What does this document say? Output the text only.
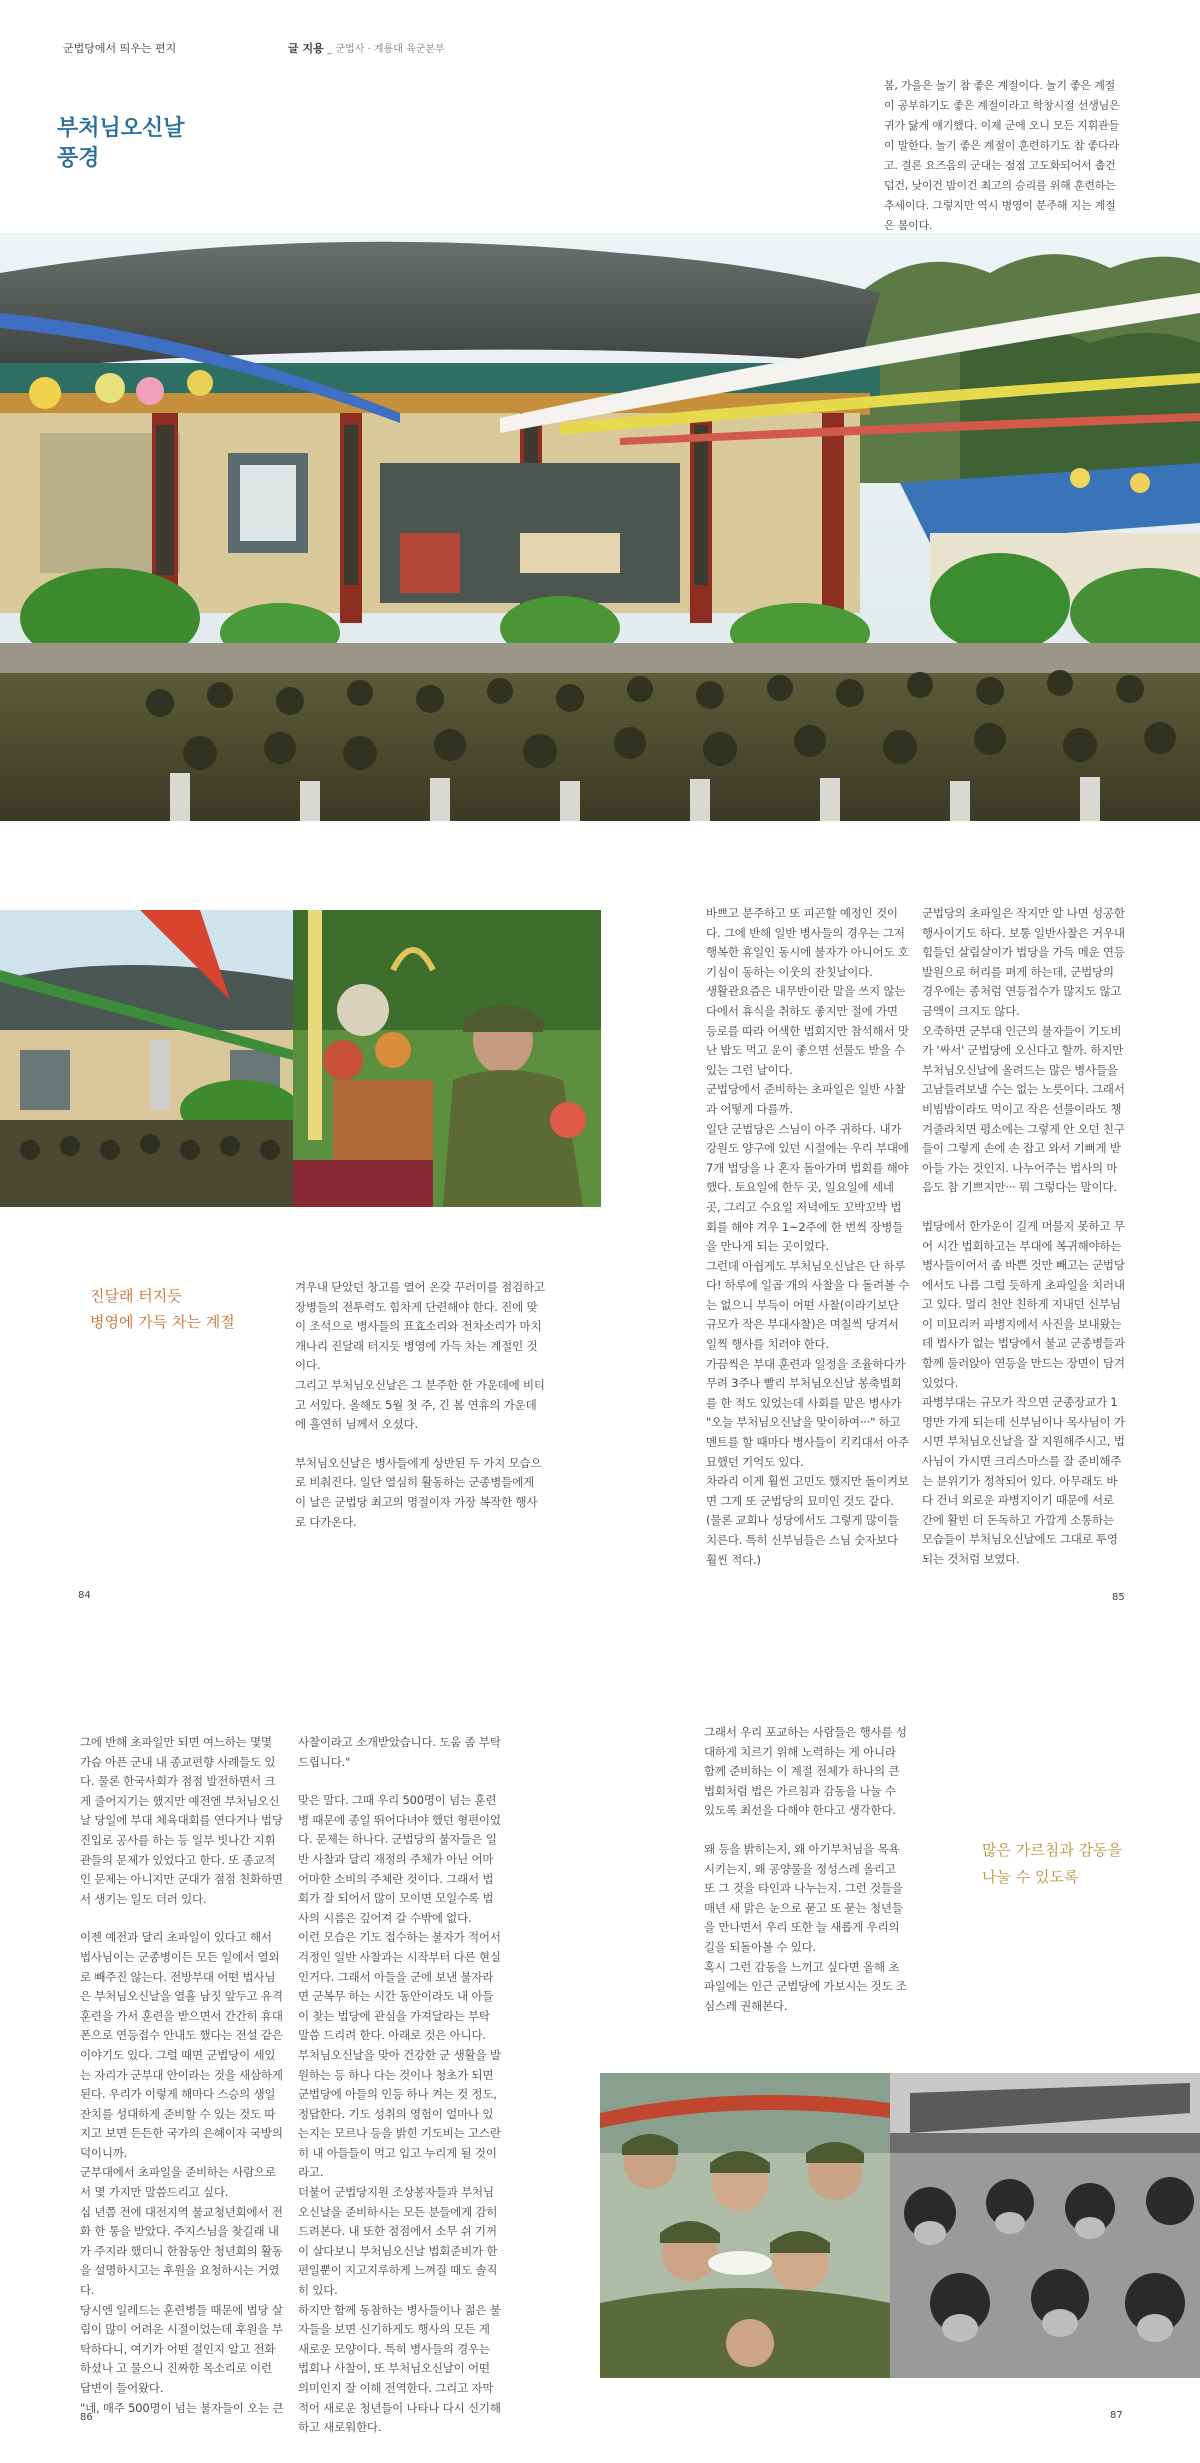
군법당에서 띄우는 편지	글 지용 _ 군법사 · 계룡대 육군본부
부처님오신날
풍경
봄, 가을은 놀기 참 좋은 계절이다. 놀기 좋은 계절이 공부하기도 좋은 계절이라고 학창시절 선생님은 귀가 닳게 얘기했다. 이제 군에 오니 모든 지휘관들이 말한다. 놀기 좋은 계절이 훈련하기도 참 좋다라고. 결론 요즈음의 군대는 점점 고도화되어서 춥건 덥건, 낮이건 밤이건 최고의 승리를 위해 훈련하는 추세이다. 그렇지만 역시 병영이 분주해 지는 계절은 봄이다.
진달래 터지듯
병영에 가득 차는 계절

겨우내 닫았던 창고를 열어 온갖 꾸러미를 점검하고 장병들의 전투력도 힘차게 단련해야 한다. 진에 맞이 조석으로 병사들의 표효소리와 전차소리가 마치 개나리 진달래 터지듯 병영에 가득 차는 계절인 것이다.

그리고 부처님오신날은 그 분주한 한 가운데에 비티고 서있다. 올해도 5월 첫 주, 긴 봄 연휴의 가운데에 흘연히 님께서 오셨다.

부처님오신날은 병사들에게 상반된 두 가지 모습으로 비춰진다. 일단 열심히 활동하는 군종병들에게 이 날은 군법당 최고의 명절이자 가장 복작한 행사로 다가온다.

84

바쁘고 분주하고 또 피곤할 예정인 것이다. 그에 반해 일반 병사들의 경우는 그저 행복한 휴일인 동시에 불자가 아니어도 호기심이 동하는 이웃의 잔칫날이다.

생활관요즘은 내무반이란 말을 쓰지 않는다에서 휴식을 취하도 좋지만 절에 가면 등로를 따라 어색한 법회지만 참석해서 맛난 밥도 먹고 운이 좋으면 선물도 받을 수 있는 그런 날이다.

군법당에서 준비하는 초파일은 일반 사찰과 어떻게 다를까.

일단 군법당은 스님이 아주 귀하다. 내가 강원도 양구에 있던 시절에는 우리 부대에 7개 법당을 나 혼자 돌아가며 법회를 해야 했다. 토요일에 한두 곳, 일요일에 세네 곳, 그리고 수요일 저녁에도 꼬박꼬박 법회를 해야 겨우 1~2주에 한 번씩 장병들을 만나게 되는 곳이었다.

그런데 아쉽게도 부처님오신날은 단 하루다! 하루에 일곱 개의 사찰을 다 돌려볼 수는 없으니 부득이 어떤 사찰(이라기보단 규모가 작은 부대사찰)은 며칠씩 당겨서 일찍 행사를 치러야 한다.

가끔씩은 부대 훈련과 일정을 조율하다가 무려 3주나 빨리 부처님오신날 봉축법회를 한 적도 있었는데 사회를 맡은 병사가 "오늘 부처님오신날을 맞이하여···" 하고 멘트를 할 때마다 병사들이 킥킥대서 아주 묘했던 기억도 있다.

차라리 이게 훨씬 고민도 했지만 돌이켜보면 그게 또 군법당의 묘미인 것도 같다. (물론 교회나 성당에서도 그렇게 많이들 치른다. 특히 신부님들은 스님 숫자보다 훨씬 적다.)

군법당의 초파일은 작지만 알 나면 성공한 행사이기도 하다. 보통 일반사찰은 거우내 힘들던 살림살이가 법당을 가득 메운 연등 발원으로 허리를 펴게 하는데, 군법당의 경우에는 종처럼 연등접수가 많지도 않고 금액이 크지도 않다.

오죽하면 군부대 인근의 불자들이 기도비가 '싸서' 군법당에 오신다고 할까. 하지만 부처님오신날에 올려드는 많은 병사들을 고남들려보낼 수는 없는 노릇이다. 그래서 비빔밥이라도 먹이고 작은 선물이라도 챙겨줄라치면 평소에는 그렇게 안 오던 친구들이 그렇게 손에 손 잡고 와서 기뻐게 받아들 가는 것인지. 나누어주는 법사의 마음도 참 기쁘지만··· 뭐 그렇다는 말이다.

법당에서 한가운이 길게 머물지 못하고 무어 시간 법회하고는 부대에 복귀해야하는 병사들이어서 좀 바쁜 것만 빼고는 군법당에서도 나름 그럴 듯하게 초파일을 치러내고 있다. 멀리 천안 친하게 지내던 신부님이 미묘리커 파병지에서 사진을 보내왔는데 법사가 없는 법당에서 불교 군종병들과 함께 둘러앉아 연등을 만드는 장면이 담겨 있었다.

파병부대는 규모가 작으면 군종장교가 1명만 가게 되는데 신부님이나 목사님이 가시면 부처님오신날을 잘 지원해주시고, 법사님이 가시면 크리스마스를 잘 준비해주는 분위기가 정착되어 있다. 아무래도 바다 건너 외로운 파병지이기 때문에 서로 간에 활빈 더 돈독하고 가깝게 소통하는 모습들이 부처님오신날에도 그대로 투영되는 것처럼 보였다.

85

그에 반해 초파일만 되면 여느하는 몇몇 가슴 아픈 군내 내 종교편향 사례들도 있다. 물론 한국사회가 점점 발전하면서 크게 줄어지기는 했지만 예전엔 부처님오신날 당일에 부대 체육대회를 연다거나 법당 진입로 공사를 하는 등 일부 빗나간 지휘관들의 문제가 있었다고 한다. 또 종교적인 문제는 아니지만 군대가 점점 친화하면서 생기는 일도 더러 있다.

이젠 예전과 달리 초파일이 있다고 해서 법사님이는 군종병이든 모든 일에서 열외로 빼주진 않는다. 전방부대 어떤 법사님은 부처님오신날을 열흘 남짓 앞두고 유격훈련을 가서 훈련을 받으면서 간간히 휴대폰으로 연등접수 안내도 했다는 전설 같은 이야기도 있다. 그럴 때면 군법당이 세있는 자리가 군부대 안이라는 것을 새삼하게 된다. 우리가 이렇게 해마다 스승의 생일잔치를 성대하게 준비할 수 있는 것도 따지고 보면 든든한 국가의 은혜이자 국방의 덕이니까.

군부대에서 초파일을 준비하는 사람으로서 몇 가지만 말씀드리고 싶다.

십 년쯤 전에 대전지역 불교청년회에서 전화 한 통을 받았다. 주지스님을 찾길래 내가 주지라 했더니 한참동안 청년회의 활동을 설명하시고는 후원을 요청하시는 거였다.

당시엔 일레드는 훈련병들 때문에 법당 살림이 많이 어려운 시절이었는데 후원을 부탁하다니, 여기가 어떤 절인지 알고 전화하셨나 고 물으니 진짜한 목소리로 이런 답변이 들어왔다.

"네, 매주 500명이 넘는 불자들이 오는 큰

사찰이라고 소개받았습니다. 도움 좀 부탁드립니다."

맞은 말다. 그때 우리 500명이 넘는 훈련병 때문에 종일 뛰어다녀야 했던 형편이었다. 문제는 하나다. 군법당의 불자들은 일반 사찰과 달리 재정의 주체가 아닌 어마어마한 소비의 주체란 것이다. 그래서 법회가 잘 되어서 많이 모이면 모일수록 법사의 시름은 깊어져 갈 수밖에 없다.

이런 모습은 기도 접수하는 불자가 적어서 걱정인 일반 사찰과는 시작부터 다른 현실인거다. 그래서 아들을 군에 보낸 불자라면 군복무 하는 시간 동안이라도 내 아들이 찾는 법당에 관심을 가져달라는 부탁 말씀 드리려 한다. 아래로 것은 아니다.

부처님오신날을 맞아 건강한 군 생활을 발원하는 등 하나 다는 것이나 청초가 되면 군법당에 아들의 인등 하나 켜는 것 정도, 정답한다. 기도 성취의 영험이 얼마나 있는지는 모르나 등을 밝힌 기도비는 고스란히 내 아들들이 먹고 입고 누리게 될 것이라고.

더불어 군법당지원 조상봉자들과 부처님오신날을 준비하시는 모든 분들에게 감히 드려본다. 내 또한 점점에서 소무 쉬 기꺼이 살다보니 부처님오신날 법회준비가 한편일뿐이 지고지루하게 느껴질 때도 솔직히 있다.

하지만 함께 동참하는 병사들이나 젊은 불자들을 보면 신기하게도 행사의 모든 게 새로운 모양이다. 특히 병사들의 경우는 법회나 사찰이, 또 부처님오신날이 어떤 의미인지 잘 이해 전역한다. 그리고 자막적어 새로운 청년들이 나타나 다시 신기해하고 새로워한다.

86

그래서 우리 포교하는 사람들은 행사를 성대하게 치르기 위해 노력하는 게 아니라 함께 준비하는 이 계절 전체가 하나의 큰 법회처럼 법은 가르침과 감동을 나눌 수 있도록 최선을 다해야 한다고 생각한다.

왜 등을 밝히는지, 왜 아기부처님을 목욕시키는지, 왜 공양물을 정성스레 올리고 또 그 것을 타인과 나누는지. 그런 것들을 매년 새 맑은 눈으로 묻고 또 묻는 청년들을 만나면서 우리 또한 늘 새롭게 우리의 길을 되돌아볼 수 있다.

혹시 그런 감동을 느끼고 싶다면 올해 초파일에는 인근 군법당에 가보시는 것도 조심스레 권해본다.

많은 가르침과 감동을
나눌 수 있도록
87
